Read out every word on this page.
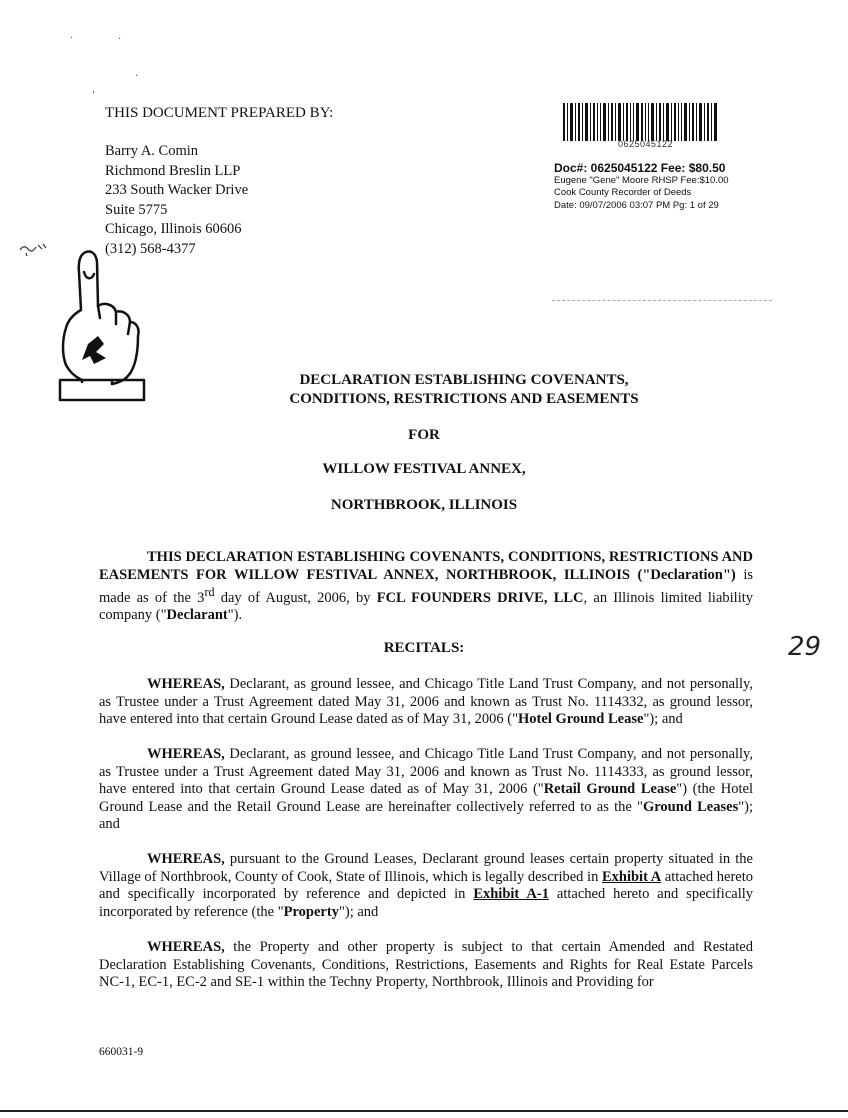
THIS DOCUMENT PREPARED BY:
Barry A. Comin
Richmond Breslin LLP
233 South Wacker Drive
Suite 5775
Chicago, Illinois 60606
(312) 568-4377
0625045122
Doc#: 0625045122 Fee: $80.50
Eugene "Gene" Moore RHSP Fee:$10.00
Cook County Recorder of Deeds
Date: 09/07/2006 03:07 PM Pg: 1 of 29
29
DECLARATION ESTABLISHING COVENANTS,
CONDITIONS, RESTRICTIONS AND EASEMENTS
FOR
WILLOW FESTIVAL ANNEX,
NORTHBROOK, ILLINOIS
THIS DECLARATION ESTABLISHING COVENANTS, CONDITIONS, RESTRICTIONS AND EASEMENTS FOR WILLOW FESTIVAL ANNEX, NORTHBROOK, ILLINOIS ("Declaration") is made as of the 3rd day of August, 2006, by FCL FOUNDERS DRIVE, LLC, an Illinois limited liability company ("Declarant").
RECITALS:
WHEREAS, Declarant, as ground lessee, and Chicago Title Land Trust Company, and not personally, as Trustee under a Trust Agreement dated May 31, 2006 and known as Trust No. 1114332, as ground lessor, have entered into that certain Ground Lease dated as of May 31, 2006 ("Hotel Ground Lease"); and
WHEREAS, Declarant, as ground lessee, and Chicago Title Land Trust Company, and not personally, as Trustee under a Trust Agreement dated May 31, 2006 and known as Trust No. 1114333, as ground lessor, have entered into that certain Ground Lease dated as of May 31, 2006 ("Retail Ground Lease") (the Hotel Ground Lease and the Retail Ground Lease are hereinafter collectively referred to as the "Ground Leases"); and
WHEREAS, pursuant to the Ground Leases, Declarant ground leases certain property situated in the Village of Northbrook, County of Cook, State of Illinois, which is legally described in Exhibit A attached hereto and specifically incorporated by reference and depicted in Exhibit A-1 attached hereto and specifically incorporated by reference (the "Property"); and
WHEREAS, the Property and other property is subject to that certain Amended and Restated Declaration Establishing Covenants, Conditions, Restrictions, Easements and Rights for Real Estate Parcels NC-1, EC-1, EC-2 and SE-1 within the Techny Property, Northbrook, Illinois and Providing for
660031-9
.	·
.
'
